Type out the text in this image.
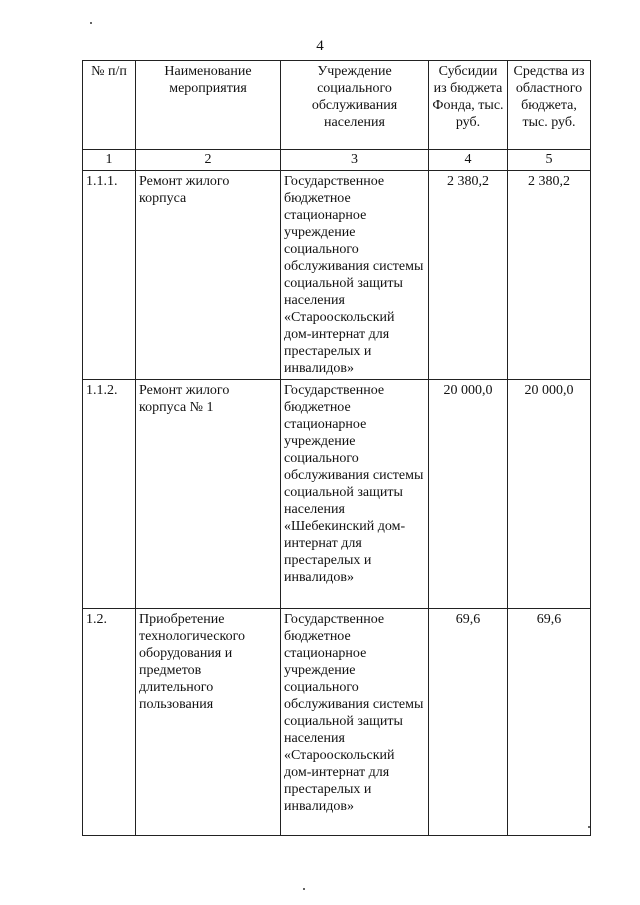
4
№ п/п	Наименование мероприятия	Учреждение социального обслуживания населения	Субсидии из бюджета Фонда, тыс. руб.	Средства из областного бюджета, тыс. руб.
1	2	3	4	5
1.1.1.	Ремонт жилого корпуса	Государственное бюджетное стационарное учреждение социального обслуживания системы социальной защиты населения «Старооскольский дом-интернат для престарелых и инвалидов»	2 380,2	2 380,2
1.1.2.	Ремонт жилого корпуса № 1	Государственное бюджетное стационарное учреждение социального обслуживания системы социальной защиты населения «Шебекинский дом-интернат для престарелых и инвалидов»	20 000,0	20 000,0
1.2.	Приобретение технологического оборудования и предметов длительного пользования	Государственное бюджетное стационарное учреждение социального обслуживания системы социальной защиты населения «Старооскольский дом-интернат для престарелых и инвалидов»	69,6	69,6
